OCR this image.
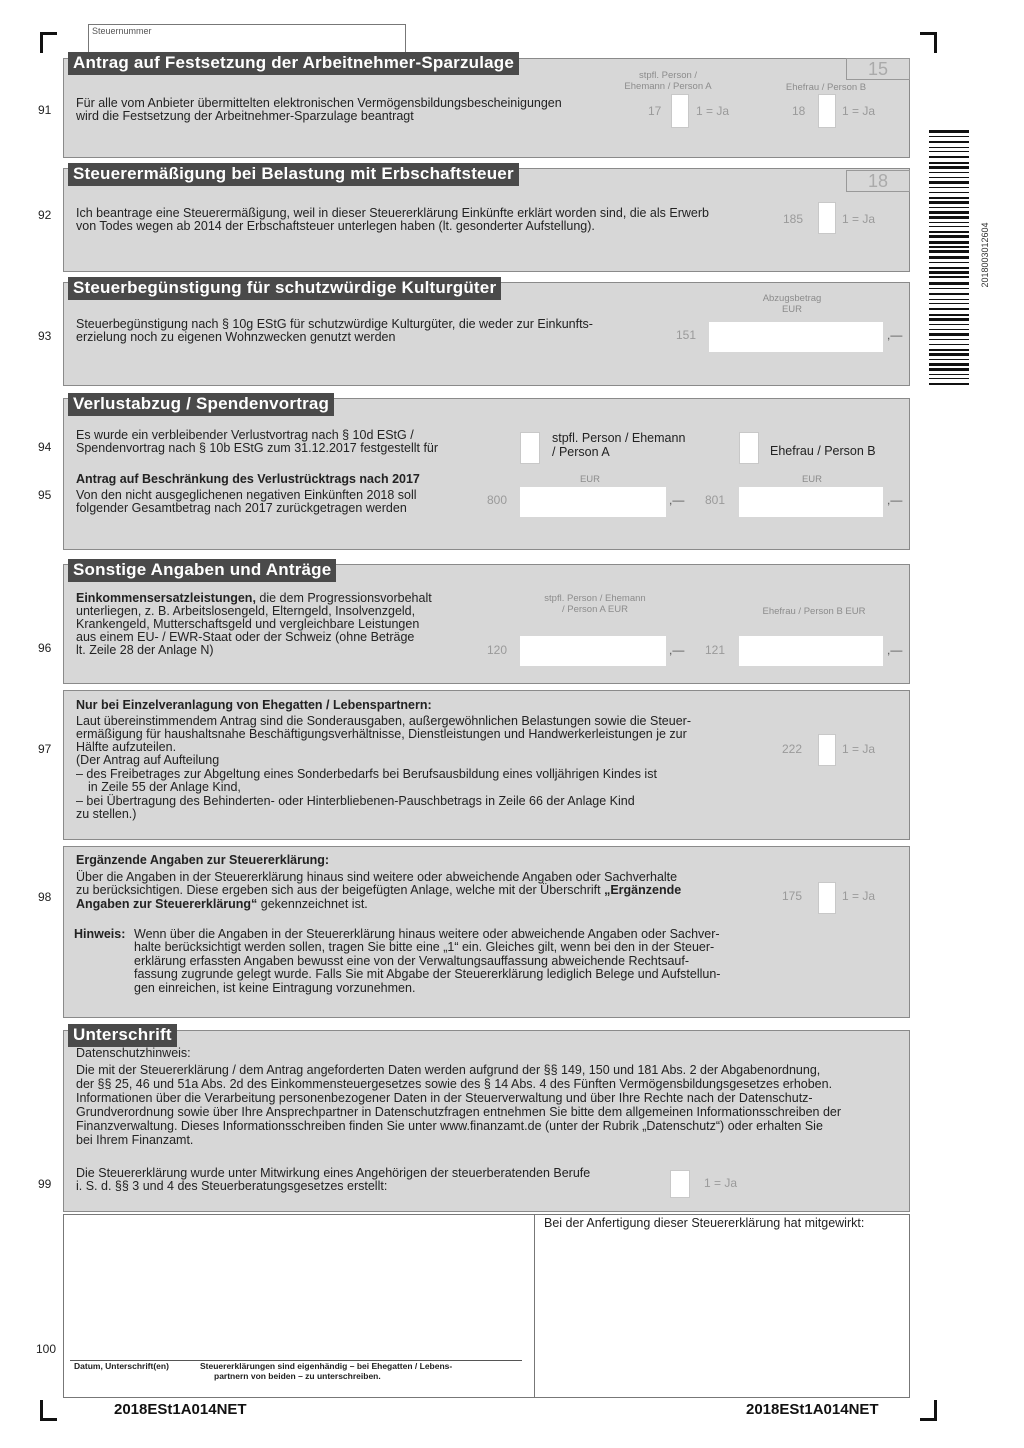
Steuernummer
Antrag auf Festsetzung der Arbeitnehmer-Sparzulage	15
91 Für alle vom Anbieter übermittelten elektronischen Vermögensbildungsbescheinigungen
wird die Festsetzung der Arbeitnehmer-Sparzulage beantragt
stpfl. Person / Ehemann / Person A	Ehefrau / Person B
17	1 = Ja	18	1 = Ja
Steuerermäßigung bei Belastung mit Erbschaftsteuer	18
92 Ich beantrage eine Steuerermäßigung, weil in dieser Steuererklärung Einkünfte erklärt worden sind, die als Erwerb
von Todes wegen ab 2014 der Erbschaftsteuer unterlegen haben (lt. gesonderter Aufstellung).	185	1 = Ja
2018003012604
Steuerbegünstigung für schutzwürdige Kulturgüter
Abzugsbetrag EUR
93
Steuerbegünstigung nach § 10g EStG für schutzwürdige Kulturgüter, die weder zur Einkunfts-
erzielung noch zu eigenen Wohnzwecken genutzt werden	151	,—
Verlustabzug / Spendenvortrag
94
Es wurde ein verbleibender Verlustvortrag nach § 10d EStG /
Spendenvortrag nach § 10b EStG zum 31.12.2017 festgestellt für
stpfl. Person / Ehemann / Person A	Ehefrau / Person B
95
Antrag auf Beschränkung des Verlustrücktrags nach 2017
Von den nicht ausgeglichenen negativen Einkünften 2018 soll
folgender Gesamtbetrag nach 2017 zurückgetragen werden
EUR	EUR
800	,— 801	,—
Sonstige Angaben und Anträge
96
Einkommensersatzleistungen, die dem Progressionsvorbehalt
unterliegen, z. B. Arbeitslosengeld, Elterngeld, Insolvenzgeld,
Krankengeld, Mutterschaftsgeld und vergleichbare Leistungen
aus einem EU- / EWR-Staat oder der Schweiz (ohne Beträge
lt. Zeile 28 der Anlage N)
stpfl. Person / Ehemann / Person A EUR	Ehefrau / Person B EUR
120	,— 121	,—
97
Nur bei Einzelveranlagung von Ehegatten / Lebenspartnern:
Laut übereinstimmendem Antrag sind die Sonderausgaben, außergewöhnlichen Belastungen sowie die Steuer-
ermäßigung für haushaltsnahe Beschäftigungsverhältnisse, Dienstleistungen und Handwerkerleistungen je zur
Hälfte aufzuteilen.
(Der Antrag auf Aufteilung
– des Freibetrages zur Abgeltung eines Sonderbedarfs bei Berufsausbildung eines volljährigen Kindes ist
in Zeile 55 der Anlage Kind,
– bei Übertragung des Behinderten- oder Hinterbliebenen-Pauschbetrags in Zeile 66 der Anlage Kind
zu stellen.)
222	1 = Ja
98
Ergänzende Angaben zur Steuererklärung:
Über die Angaben in der Steuererklärung hinaus sind weitere oder abweichende Angaben oder Sachverhalte
zu berücksichtigen. Diese ergeben sich aus der beigefügten Anlage, welche mit der Überschrift „Ergänzende
Angaben zur Steuererklärung“ gekennzeichnet ist.
175	1 = Ja
Hinweis: Wenn über die Angaben in der Steuererklärung hinaus weitere oder abweichende Angaben oder Sachver-
halte berücksichtigt werden sollen, tragen Sie bitte eine „1“ ein. Gleiches gilt, wenn bei den in der Steuer-
erklärung erfassten Angaben bewusst eine von der Verwaltungsauffassung abweichende Rechtsauf-
fassung zugrunde gelegt wurde. Falls Sie mit Abgabe der Steuererklärung lediglich Belege und Aufstellun-
gen einreichen, ist keine Eintragung vorzunehmen.
Unterschrift
Datenschutzhinweis:
Die mit der Steuererklärung / dem Antrag angeforderten Daten werden aufgrund der §§ 149, 150 und 181 Abs. 2 der Abgabenordnung,
der §§ 25, 46 und 51a Abs. 2d des Einkommensteuergesetzes sowie des § 14 Abs. 4 des Fünften Vermögensbildungsgesetzes erhoben.
Informationen über die Verarbeitung personenbezogener Daten in der Steuerverwaltung und über Ihre Rechte nach der Datenschutz-
Grundverordnung sowie über Ihre Ansprechpartner in Datenschutzfragen entnehmen Sie bitte dem allgemeinen Informationsschreiben der
Finanzverwaltung. Dieses Informationsschreiben finden Sie unter www.finanzamt.de (unter der Rubrik „Datenschutz“) oder erhalten Sie
bei Ihrem Finanzamt.
99
Die Steuererklärung wurde unter Mitwirkung eines Angehörigen der steuerberatenden Berufe
i. S. d. §§ 3 und 4 des Steuerberatungsgesetzes erstellt:	1 = Ja
Bei der Anfertigung dieser Steuererklärung hat mitgewirkt:
100
Datum, Unterschrift(en)	Steuererklärungen sind eigenhändig – bei Ehegatten / Lebens-
partnern von beiden – zu unterschreiben.
2018ESt1A014NET	2018ESt1A014NET
